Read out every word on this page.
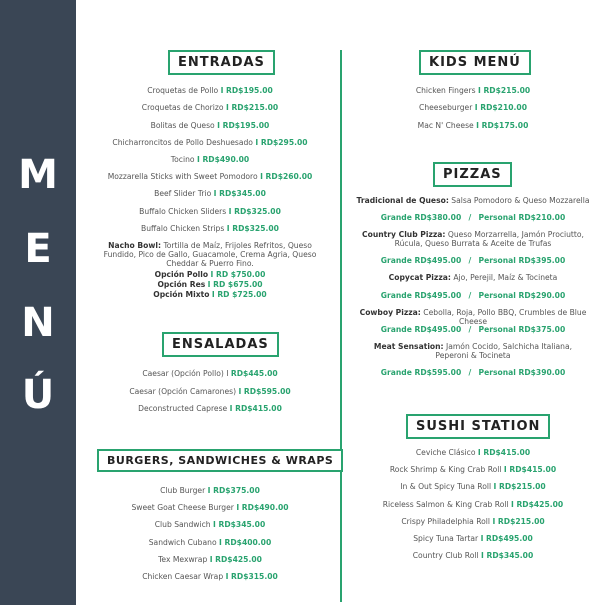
M
E
N
Ú
ENTRADAS
Croquetas de Pollo I RD$195.00
Croquetas de Chorizo I RD$215.00
Bolitas de Queso I RD$195.00
Chicharroncitos de Pollo Deshuesado I RD$295.00
Tocino I RD$490.00
Mozzarella Sticks with Sweet Pomodoro I RD$260.00
Beef Slider Trio I RD$345.00
Buffalo Chicken Sliders I RD$325.00
Buffalo Chicken Strips I RD$325.00
Nacho Bowl: Tortilla de Maíz, Frijoles Refritos, Queso Fundido, Pico de Gallo, Guacamole, Crema Agria, Queso Cheddar & Puerro Fino.
Opción Pollo I RD $750.00
Opción Res I RD $675.00
Opción Mixto I RD $725.00
ENSALADAS
Caesar (Opción Pollo) I RD$445.00
Caesar (Opción Camarones) I RD$595.00
Deconstructed Caprese I RD$415.00
BURGERS, SANDWICHES & WRAPS
Club Burger I RD$375.00
Sweet Goat Cheese Burger I RD$490.00
Club Sandwich I RD$345.00
Sandwich Cubano I RD$400.00
Tex Mexwrap I RD$425.00
Chicken Caesar Wrap I RD$315.00
KIDS MENÚ
Chicken Fingers I RD$215.00
Cheeseburger I RD$210.00
Mac N' Cheese I RD$175.00
PIZZAS
Tradicional de Queso: Salsa Pomodoro & Queso Mozzarella
Grande RD$380.00 / Personal RD$210.00
Country Club Pizza: Queso Morzarrella, Jamón Prociutto, Rúcula, Queso Burrata & Aceite de Trufas
Grande RD$495.00 / Personal RD$395.00
Copycat Pizza: Ajo, Perejil, Maíz & Tocineta
Grande RD$495.00 / Personal RD$290.00
Cowboy Pizza: Cebolla, Roja, Pollo BBQ, Crumbles de Blue Cheese
Grande RD$495.00 / Personal RD$375.00
Meat Sensation: Jamón Cocido, Salchicha Italiana, Peperoni & Tocineta
Grande RD$595.00 / Personal RD$390.00
SUSHI STATION
Ceviche Clásico I RD$415.00
Rock Shrimp & King Crab Roll I RD$415.00
In & Out Spicy Tuna Roll I RD$215.00
Riceless Salmon & King Crab Roll I RD$425.00
Crispy Philadelphia Roll I RD$215.00
Spicy Tuna Tartar I RD$495.00
Country Club Roll I RD$345.00
